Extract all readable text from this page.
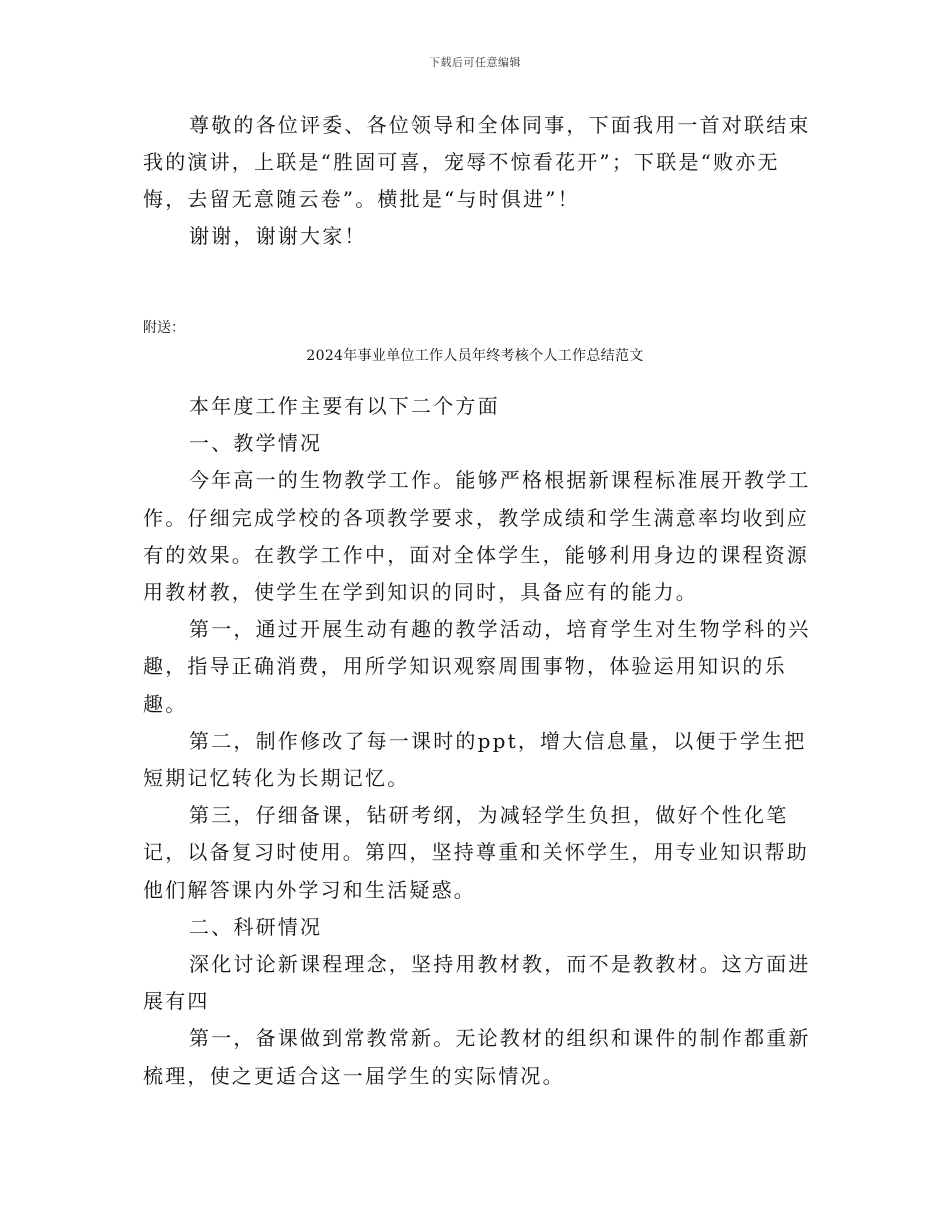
下载后可任意编辑

尊敬的各位评委、各位领导和全体同事，下面我用一首对联结束我的演讲，上联是“胜固可喜，宠辱不惊看花开”；下联是“败亦无悔，去留无意随云卷”。横批是“与时俱进”！

谢谢，谢谢大家！

附送：
2024年事业单位工作人员年终考核个人工作总结范文

本年度工作主要有以下二个方面

一、教学情况

今年高一的生物教学工作。能够严格根据新课程标准展开教学工作。仔细完成学校的各项教学要求，教学成绩和学生满意率均收到应有的效果。在教学工作中，面对全体学生，能够利用身边的课程资源用教材教，使学生在学到知识的同时，具备应有的能力。

第一，通过开展生动有趣的教学活动，培育学生对生物学科的兴趣，指导正确消费，用所学知识观察周围事物，体验运用知识的乐趣。

第二，制作修改了每一课时的ppt，增大信息量，以便于学生把短期记忆转化为长期记忆。

第三，仔细备课，钻研考纲，为减轻学生负担，做好个性化笔记，以备复习时使用。第四，坚持尊重和关怀学生，用专业知识帮助他们解答课内外学习和生活疑惑。

二、科研情况

深化讨论新课程理念，坚持用教材教，而不是教教材。这方面进展有四

第一，备课做到常教常新。无论教材的组织和课件的制作都重新梳理，使之更适合这一届学生的实际情况。
